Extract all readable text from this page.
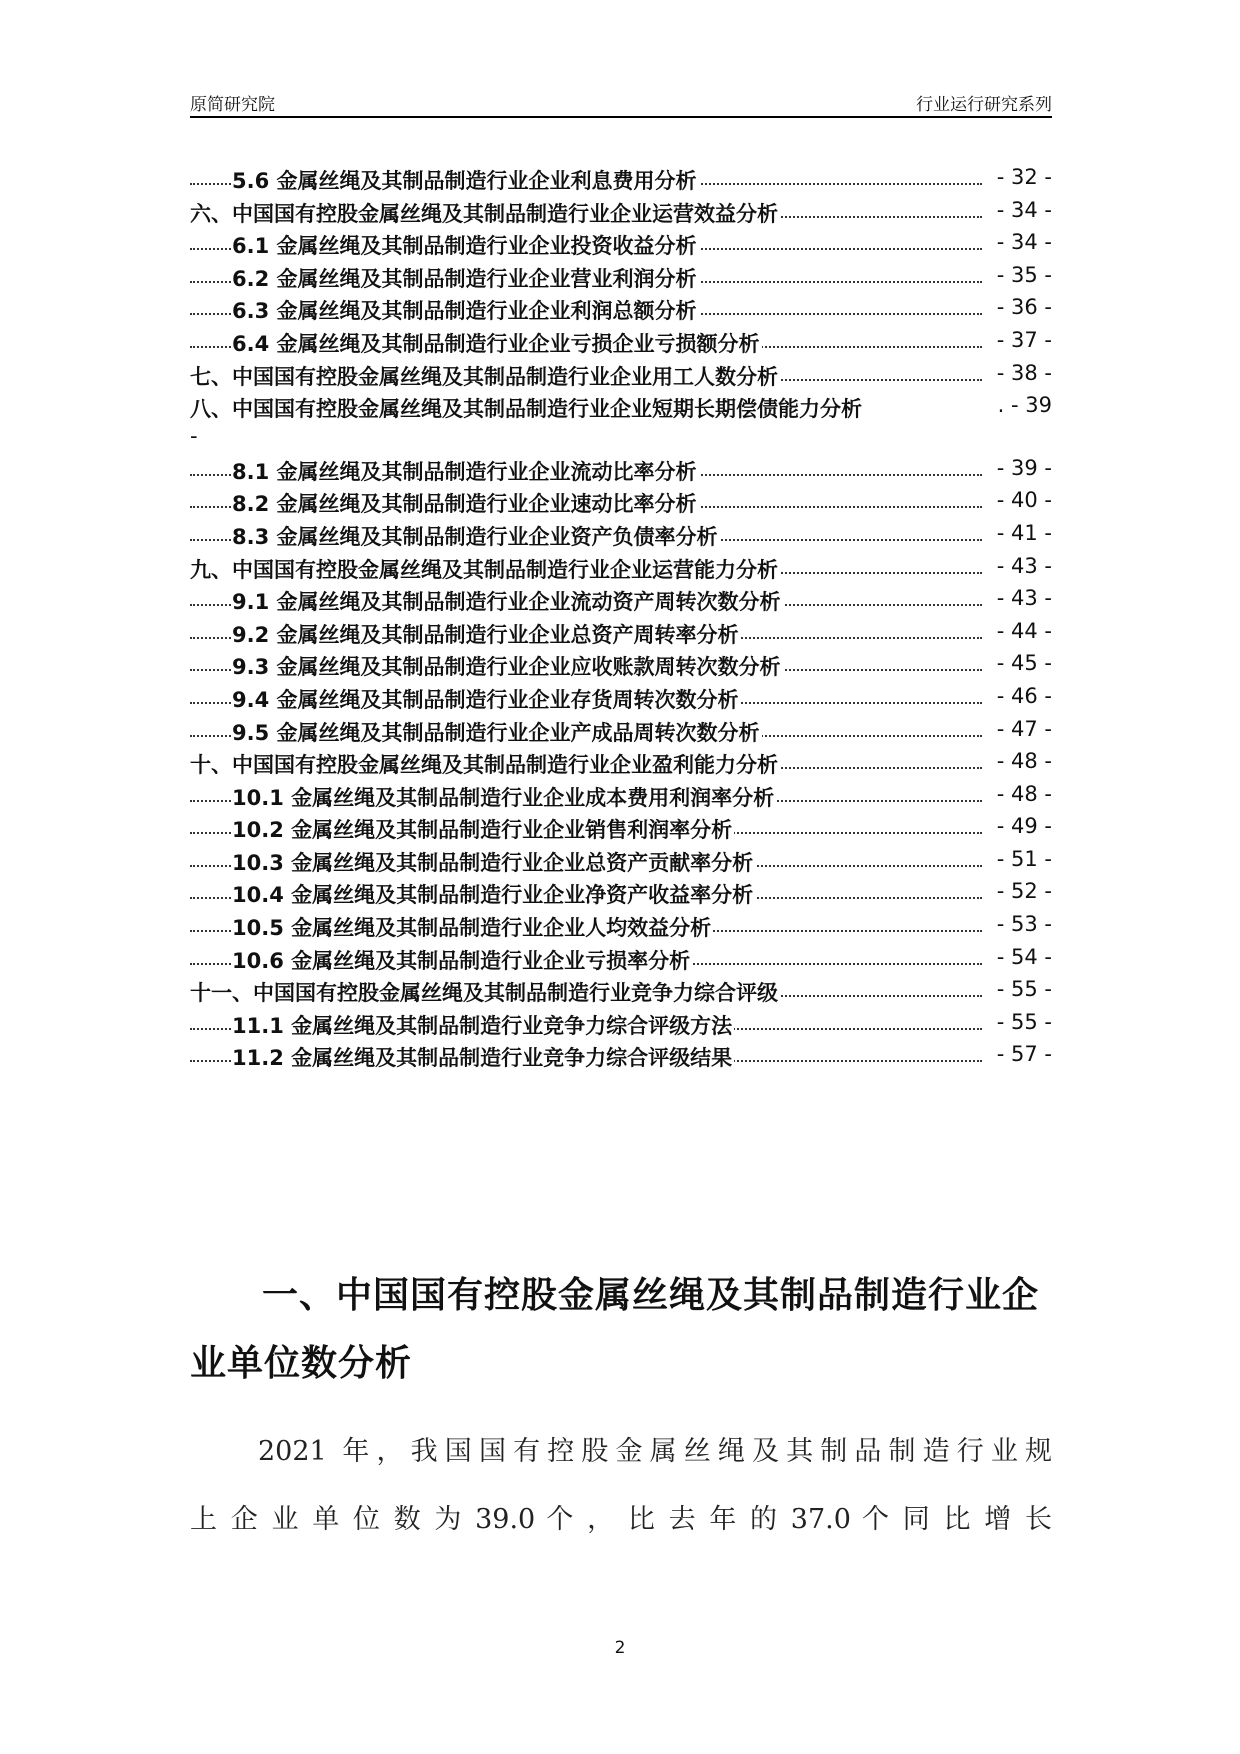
原简研究院	行业运行研究系列
5.6 金属丝绳及其制品制造行业企业利息费用分析	- 32 -
六、中国国有控股金属丝绳及其制品制造行业企业运营效益分析	- 34 -
6.1 金属丝绳及其制品制造行业企业投资收益分析	- 34 -
6.2 金属丝绳及其制品制造行业企业营业利润分析	- 35 -
6.3 金属丝绳及其制品制造行业企业利润总额分析	- 36 -
6.4 金属丝绳及其制品制造行业企业亏损企业亏损额分析	- 37 -
七、中国国有控股金属丝绳及其制品制造行业企业用工人数分析	- 38 -
八、中国国有控股金属丝绳及其制品制造行业企业短期长期偿债能力分析	. - 39
-
8.1 金属丝绳及其制品制造行业企业流动比率分析	- 39 -
8.2 金属丝绳及其制品制造行业企业速动比率分析	- 40 -
8.3 金属丝绳及其制品制造行业企业资产负债率分析	- 41 -
九、中国国有控股金属丝绳及其制品制造行业企业运营能力分析	- 43 -
9.1 金属丝绳及其制品制造行业企业流动资产周转次数分析	- 43 -
9.2 金属丝绳及其制品制造行业企业总资产周转率分析	- 44 -
9.3 金属丝绳及其制品制造行业企业应收账款周转次数分析	- 45 -
9.4 金属丝绳及其制品制造行业企业存货周转次数分析	- 46 -
9.5 金属丝绳及其制品制造行业企业产成品周转次数分析	- 47 -
十、中国国有控股金属丝绳及其制品制造行业企业盈利能力分析	- 48 -
10.1 金属丝绳及其制品制造行业企业成本费用利润率分析	- 48 -
10.2 金属丝绳及其制品制造行业企业销售利润率分析	- 49 -
10.3 金属丝绳及其制品制造行业企业总资产贡献率分析	- 51 -
10.4 金属丝绳及其制品制造行业企业净资产收益率分析	- 52 -
10.5 金属丝绳及其制品制造行业企业人均效益分析	- 53 -
10.6 金属丝绳及其制品制造行业企业亏损率分析	- 54 -
十一、中国国有控股金属丝绳及其制品制造行业竞争力综合评级	- 55 -
11.1 金属丝绳及其制品制造行业竞争力综合评级方法	- 55 -
11.2 金属丝绳及其制品制造行业竞争力综合评级结果	- 57 -
一、中国国有控股金属丝绳及其制品制造行业企业单位数分析
2021 年，我国国有控股金属丝绳及其制品制造行业规
上 企 业 单 位 数 为 39.0 个 ， 比 去 年 的 37.0 个 同 比 增 长
2
